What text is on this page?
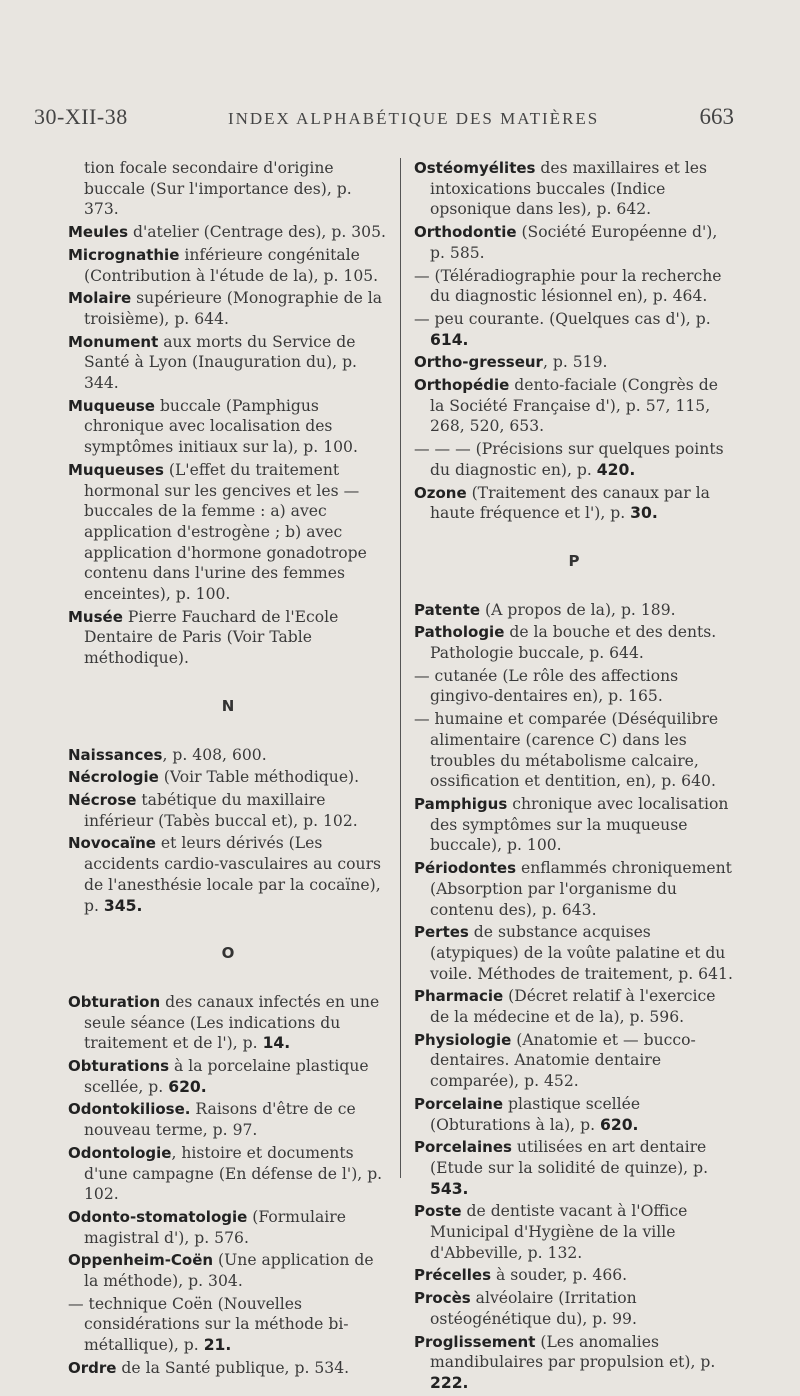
30-XII-38	INDEX ALPHABÉTIQUE DES MATIÈRES	663
tion focale secondaire d'origine buccale (Sur l'importance des), p. 373.
Meules d'atelier (Centrage des), p. 305.
Micrognathie inférieure congénitale (Contribution à l'étude de la), p. 105.
Molaire supérieure (Monographie de la troisième), p. 644.
Monument aux morts du Service de Santé à Lyon (Inauguration du), p. 344.
Muqueuse buccale (Pamphigus chronique avec localisation des symptômes initiaux sur la), p. 100.
Muqueuses (L'effet du traitement hormonal sur les gencives et les — buccales de la femme : a) avec application d'estrogène ; b) avec application d'hormone gonadotrope contenu dans l'urine des femmes enceintes), p. 100.
Musée Pierre Fauchard de l'Ecole Dentaire de Paris (Voir Table méthodique).
N
Naissances, p. 408, 600.
Nécrologie (Voir Table méthodique).
Nécrose tabétique du maxillaire inférieur (Tabès buccal et), p. 102.
Novocaïne et leurs dérivés (Les accidents cardio-vasculaires au cours de l'anesthésie locale par la cocaïne), p. 345.
O
Obturation des canaux infectés en une seule séance (Les indications du traitement et de l'), p. 14.
Obturations à la porcelaine plastique scellée, p. 620.
Odontokiliose. Raisons d'être de ce nouveau terme, p. 97.
Odontologie, histoire et documents d'une campagne (En défense de l'), p. 102.
Odonto-stomatologie (Formulaire magistral d'), p. 576.
Oppenheim-Coën (Une application de la méthode), p. 304.
— technique Coën (Nouvelles considérations sur la méthode bi-métallique), p. 21.
Ordre de la Santé publique, p. 534.
Ostéomyélites des maxillaires et les intoxications buccales (Indice opsonique dans les), p. 642.
Orthodontie (Société Européenne d'), p. 585.
— (Téléradiographie pour la recherche du diagnostic lésionnel en), p. 464.
— peu courante. (Quelques cas d'), p. 614.
Ortho-gresseur, p. 519.
Orthopédie dento-faciale (Congrès de la Société Française d'), p. 57, 115, 268, 520, 653.
— — — (Précisions sur quelques points du diagnostic en), p. 420.
Ozone (Traitement des canaux par la haute fréquence et l'), p. 30.
P
Patente (A propos de la), p. 189.
Pathologie de la bouche et des dents. Pathologie buccale, p. 644.
— cutanée (Le rôle des affections gingivo-dentaires en), p. 165.
— humaine et comparée (Déséquilibre alimentaire (carence C) dans les troubles du métabolisme calcaire, ossification et dentition, en), p. 640.
Pamphigus chronique avec localisation des symptômes sur la muqueuse buccale), p. 100.
Périodontes enflammés chroniquement (Absorption par l'organisme du contenu des), p. 643.
Pertes de substance acquises (atypiques) de la voûte palatine et du voile. Méthodes de traitement, p. 641.
Pharmacie (Décret relatif à l'exercice de la médecine et de la), p. 596.
Physiologie (Anatomie et — bucco-dentaires. Anatomie dentaire comparée), p. 452.
Porcelaine plastique scellée (Obturations à la), p. 620.
Porcelaines utilisées en art dentaire (Etude sur la solidité de quinze), p. 543.
Poste de dentiste vacant à l'Office Municipal d'Hygiène de la ville d'Abbeville, p. 132.
Précelles à souder, p. 466.
Procès alvéolaire (Irritation ostéogénétique du), p. 99.
Proglissement (Les anomalies mandibulaires par propulsion et), p. 222.
